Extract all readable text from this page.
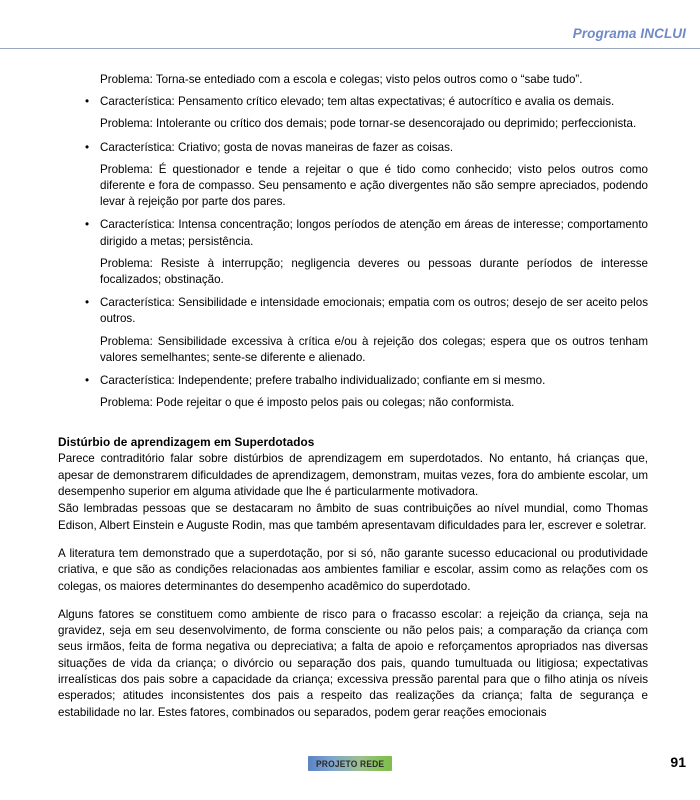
Programa INCLUI

Problema: Torna-se entediado com a escola e colegas; visto pelos outros como o “sabe tudo”.

• Característica: Pensamento crítico elevado; tem altas expectativas; é autocrítico e avalia os demais.

Problema: Intolerante ou crítico dos demais; pode tornar-se desencorajado ou deprimido; perfeccionista.

• Característica: Criativo; gosta de novas maneiras de fazer as coisas.

Problema: É questionador e tende a rejeitar o que é tido como conhecido; visto pelos outros como diferente e fora de compasso. Seu pensamento e ação divergentes não são sempre apreciados, podendo levar à rejeição por parte dos pares.

• Característica: Intensa concentração; longos períodos de atenção em áreas de interesse; comportamento dirigido a metas; persistência.

Problema: Resiste à interrupção; negligencia deveres ou pessoas durante períodos de interesse focalizados; obstinação.

• Característica: Sensibilidade e intensidade emocionais; empatia com os outros; desejo de ser aceito pelos outros.

Problema: Sensibilidade excessiva à crítica e/ou à rejeição dos colegas; espera que os outros tenham valores semelhantes; sente-se diferente e alienado.

• Característica: Independente; prefere trabalho individualizado; confiante em si mesmo.

Problema: Pode rejeitar o que é imposto pelos pais ou colegas; não conformista.

Distúrbio de aprendizagem em Superdotados

Parece contraditório falar sobre distúrbios de aprendizagem em superdotados. No entanto, há crianças que, apesar de demonstrarem dificuldades de aprendizagem, demonstram, muitas vezes, fora do ambiente escolar, um desempenho superior em alguma atividade que lhe é particularmente motivadora.

São lembradas pessoas que se destacaram no âmbito de suas contribuições ao nível mundial, como Thomas Edison, Albert Einstein e Auguste Rodin, mas que também apresentavam dificuldades para ler, escrever e soletrar.

A literatura tem demonstrado que a superdotação, por si só, não garante sucesso educacional ou produtividade criativa, e que são as condições relacionadas aos ambientes familiar e escolar, assim como as relações com os colegas, os maiores determinantes do desempenho acadêmico do superdotado.

Alguns fatores se constituem como ambiente de risco para o fracasso escolar: a rejeição da criança, seja na gravidez, seja em seu desenvolvimento, de forma consciente ou não pelos pais; a comparação da criança com seus irmãos, feita de forma negativa ou depreciativa; a falta de apoio e reforçamentos apropriados nas diversas situações de vida da criança; o divórcio ou separação dos pais, quando tumultuada ou litigiosa; expectativas irrealísticas dos pais sobre a capacidade da criança; excessiva pressão parental para que o filho atinja os níveis esperados; atitudes inconsistentes dos pais a respeito das realizações da criança; falta de segurança e estabilidade no lar. Estes fatores, combinados ou separados, podem gerar reações emocionais

PROJETO REDE	91
